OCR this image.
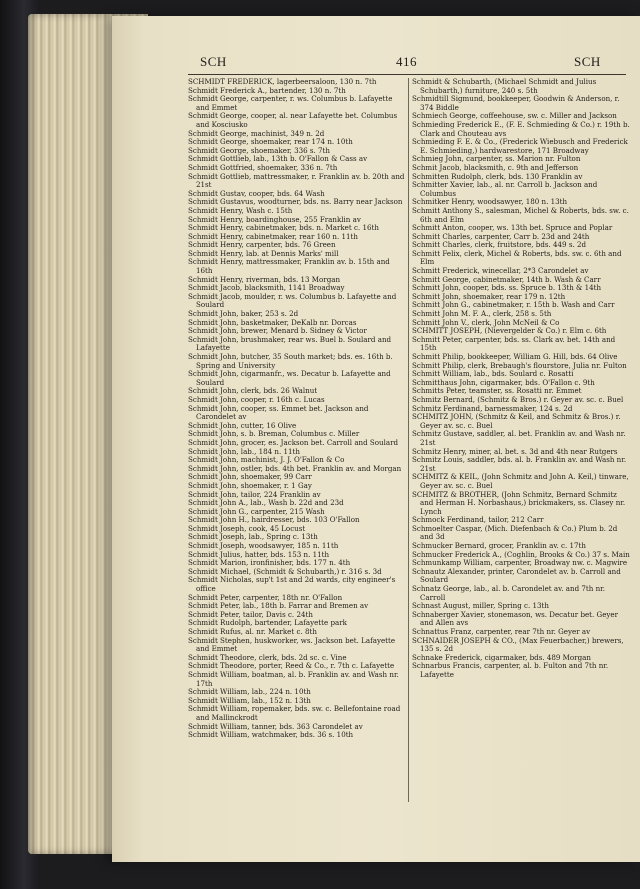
SCH	416	SCH

SCHMIDT FREDERICK, lagerbeersaloon, 130 n. 7th

Schmidt Frederick A., bartender, 130 n. 7th

Schmidt George, carpenter, r. ws. Columbus b. Lafayette and Emmet

Schmidt George, cooper, al. near Lafayette bet. Columbus and Kosciusko

Schmidt George, machinist, 349 n. 2d

Schmidt George, shoemaker, rear 174 n. 10th

Schmidt George, shoemaker, 336 s. 7th

Schmidt Gottlieb, lab., 13th b. O'Fallon & Cass av

Schmidt Gottfried, shoemaker, 336 n. 7th

Schmidt Gottlieb, mattressmaker, r. Franklin av. b. 20th and 21st

Schmidt Gustav, cooper, bds. 64 Wash

Schmidt Gustavus, woodturner, bds. ns. Barry near Jackson

Schmidt Henry, Wash c. 15th

Schmidt Henry, boardinghouse, 255 Franklin av

Schmidt Henry, cabinetmaker, bds. n. Market c. 16th

Schmidt Henry, cabinetmaker, rear 160 n. 11th

Schmidt Henry, carpenter, bds. 76 Green

Schmidt Henry, lab. at Dennis Marks' mill

Schmidt Henry, mattressmaker, Franklin av. b. 15th and 16th

Schmidt Henry, riverman, bds. 13 Morgan

Schmidt Jacob, blacksmith, 1141 Broadway

Schmidt Jacob, moulder, r. ws. Columbus b. Lafayette and Soulard

Schmidt John, baker, 253 s. 2d

Schmidt John, basketmaker, DeKalb nr. Dorcas

Schmidt John, brewer, Menard b. Sidney & Victor

Schmidt John, brushmaker, rear ws. Buel b. Soulard and Lafayette

Schmidt John, butcher, 35 South market; bds. es. 16th b. Spring and University

Schmidt John, cigarmanfr., ws. Decatur b. Lafayette and Soulard

Schmidt John, clerk, bds. 26 Walnut

Schmidt John, cooper, r. 16th c. Lucas

Schmidt John, cooper, ss. Emmet bet. Jackson and Carondelet av

Schmidt John, cutter, 16 Olive

Schmidt John, s. b. Breman, Columbus c. Miller

Schmidt John, grocer, es. Jackson bet. Carroll and Soulard

Schmidt John, lab., 184 n. 11th

Schmidt John, machinist, J. J. O'Fallon & Co

Schmidt John, ostler, bds. 4th bet. Franklin av. and Morgan

Schmidt John, shoemaker, 99 Carr

Schmidt John, shoemaker, r. 1 Gay

Schmidt John, tailor, 224 Franklin av

Schmidt John A., lab., Wash b. 22d and 23d

Schmidt John G., carpenter, 215 Wash

Schmidt John H., hairdresser, bds. 103 O'Fallon

Schmidt Joseph, cook, 45 Locust

Schmidt Joseph, lab., Spring c. 13th

Schmidt Joseph, woodsawyer, 185 n. 11th

Schmidt Julius, hatter, bds. 153 n. 11th

Schmidt Marion, ironfinisher, bds. 177 n. 4th

Schmidt Michael, (Schmidt & Schubarth,) r. 316 s. 3d

Schmidt Nicholas, sup't 1st and 2d wards, city engineer's office

Schmidt Peter, carpenter, 18th nr. O'Fallon

Schmidt Peter, lab., 18th b. Farrar and Bremen av

Schmidt Peter, tailor, Davis c. 24th

Schmidt Rudolph, bartender, Lafayette park

Schmidt Rufus, al. nr. Market c. 8th

Schmidt Stephen, huskworker, ws. Jackson bet. Lafayette and Emmet

Schmidt Theodore, clerk, bds. 2d sc. c. Vine

Schmidt Theodore, porter, Reed & Co., r. 7th c. Lafayette

Schmidt William, boatman, al. b. Franklin av. and Wash nr. 17th

Schmidt William, lab., 224 n. 10th

Schmidt William, lab., 152 n. 13th

Schmidt William, ropemaker, bds. sw. c. Bellefontaine road and Mallinckrodt

Schmidt William, tanner, bds. 363 Carondelet av

Schmidt William, watchmaker, bds. 36 s. 10th

Schmidt & Schubarth, (Michael Schmidt and Julius Schubarth,) furniture, 240 s. 5th

Schmidtill Sigmund, bookkeeper, Goodwin & Anderson, r. 374 Biddle

Schmiech George, coffeehouse, sw. c. Miller and Jackson

Schmieding Frederick E., (F. E. Schmieding & Co.) r. 19th b. Clark and Chouteau avs

Schmieding F. E. & Co., (Frederick Wiebusch and Frederick E. Schmieding,) hardwarestore, 171 Broadway

Schmieg John, carpenter, ss. Marion nr. Fulton

Schmit Jacob, blacksmith, c. 9th and Jefferson

Schmitten Rudolph, clerk, bds. 130 Franklin av

Schmitter Xavier, lab., al. nr. Carroll b. Jackson and Columbus

Schmitker Henry, woodsawyer, 180 n. 13th

Schmitt Anthony S., salesman, Michel & Roberts, bds. sw. c. 6th and Elm

Schmitt Anton, cooper, ws. 13th bet. Spruce and Poplar

Schmitt Charles, carpenter, Carr b. 23d and 24th

Schmitt Charles, clerk, fruitstore, bds. 449 s. 2d

Schmitt Felix, clerk, Michel & Roberts, bds. sw. c. 6th and Elm

Schmitt Frederick, winecellar, 2*3 Carondelet av

Schmitt George, cabinetmaker, 14th b. Wash & Carr

Schmitt John, cooper, bds. ss. Spruce b. 13th & 14th

Schmitt John, shoemaker, rear 179 n. 12th

Schmitt John G., cabinetmaker, r. 15th b. Wash and Carr

Schmitt John M. F. A., clerk, 258 s. 5th

Schmitt John V., clerk, John McNeil & Co

SCHMITT JOSEPH, (Nievergelder & Co.) r. Elm c. 6th

Schmitt Peter, carpenter, bds. ss. Clark av. bet. 14th and 15th

Schmitt Philip, bookkeeper, William G. Hill, bds. 64 Olive

Schmitt Philip, clerk, Brebaugh's flourstore, Julia nr. Fulton

Schmitt William, lab., bds. Soulard c. Rosatti

Schmitthaus John, cigarmaker, bds. O'Fallon c. 9th

Schmitts Peter, teamster, ss. Rosatti nr. Emmet

Schmitz Bernard, (Schmitz & Bros.) r. Geyer av. sc. c. Buel

Schmitz Ferdinand, barnessmaker, 124 s. 2d

SCHMITZ JOHN, (Schmitz & Keil, and Schmitz & Bros.) r. Geyer av. sc. c. Buel

Schmitz Gustave, saddler, al. bet. Franklin av. and Wash nr. 21st

Schmitz Henry, miner, al. bet. s. 3d and 4th near Rutgers

Schmitz Louis, saddler, bds. al. b. Franklin av. and Wash nr. 21st

SCHMITZ & KEIL, (John Schmitz and John A. Keil,) tinware, Geyer av. sc. c. Buel

SCHMITZ & BROTHER, (John Schmitz, Bernard Schmitz and Herman H. Norbashaus,) brickmakers, ss. Clasey nr. Lynch

Schmock Ferdinand, tailor, 212 Carr

Schmoelter Caspar, (Mich. Diefenbach & Co.) Plum b. 2d and 3d

Schmucker Bernard, grocer, Franklin av. c. 17th

Schmucker Frederick A., (Coghlin, Brooks & Co.) 37 s. Main

Schmunkamp William, carpenter, Broadway nw. c. Magwire

Schnautz Alexander, printer, Carondelet av. b. Carroll and Soulard

Schnatz George, lab., al. b. Carondelet av. and 7th nr. Carroll

Schnast August, miller, Spring c. 13th

Schnaberger Xavier, stonemason, ws. Decatur bet. Geyer and Allen avs

Schnattus Franz, carpenter, rear 7th nr. Geyer av

SCHNAIDER JOSEPH & CO., (Max Feuerbacher,) brewers, 135 s. 2d

Schnake Frederick, cigarmaker, bds. 489 Morgan

Schnarbus Francis, carpenter, al. b. Fulton and 7th nr. Lafayette
